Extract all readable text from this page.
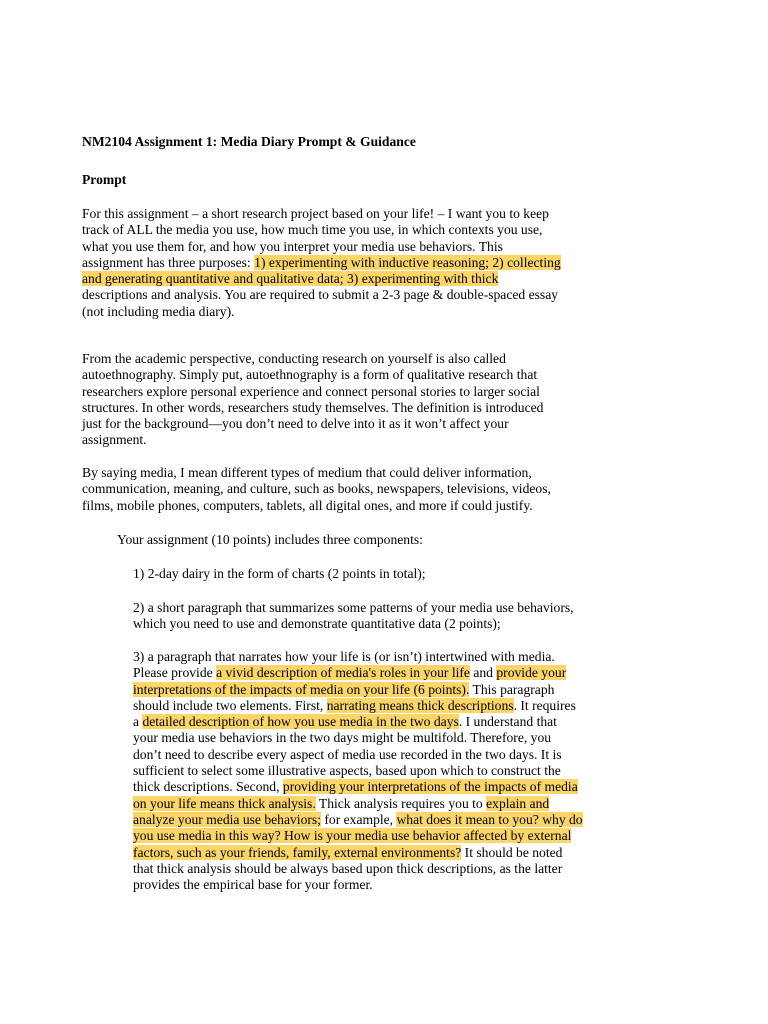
NM2104 Assignment 1: Media Diary Prompt & Guidance
Prompt
For this assignment – a short research project based on your life! – I want you to keep
track of ALL the media you use, how much time you use, in which contexts you use,
what you use them for, and how you interpret your media use behaviors. This
assignment has three purposes: 1) experimenting with inductive reasoning; 2) collecting
and generating quantitative and qualitative data; 3) experimenting with thick
descriptions and analysis. You are required to submit a 2-3 page & double-spaced essay
(not including media diary).
From the academic perspective, conducting research on yourself is also called
autoethnography. Simply put, autoethnography is a form of qualitative research that
researchers explore personal experience and connect personal stories to larger social
structures. In other words, researchers study themselves. The definition is introduced
just for the background—you don’t need to delve into it as it won’t affect your
assignment.
By saying media, I mean different types of medium that could deliver information,
communication, meaning, and culture, such as books, newspapers, televisions, videos,
films, mobile phones, computers, tablets, all digital ones, and more if could justify.
Your assignment (10 points) includes three components:
1) 2-day dairy in the form of charts (2 points in total);
2) a short paragraph that summarizes some patterns of your media use behaviors,
which you need to use and demonstrate quantitative data (2 points);
3) a paragraph that narrates how your life is (or isn’t) intertwined with media.
Please provide a vivid description of media's roles in your life and provide your
interpretations of the impacts of media on your life (6 points). This paragraph
should include two elements. First, narrating means thick descriptions. It requires
a detailed description of how you use media in the two days. I understand that
your media use behaviors in the two days might be multifold. Therefore, you
don’t need to describe every aspect of media use recorded in the two days. It is
sufficient to select some illustrative aspects, based upon which to construct the
thick descriptions. Second, providing your interpretations of the impacts of media
on your life means thick analysis. Thick analysis requires you to explain and
analyze your media use behaviors; for example, what does it mean to you? why do
you use media in this way? How is your media use behavior affected by external
factors, such as your friends, family, external environments? It should be noted
that thick analysis should be always based upon thick descriptions, as the latter
provides the empirical base for your former.
